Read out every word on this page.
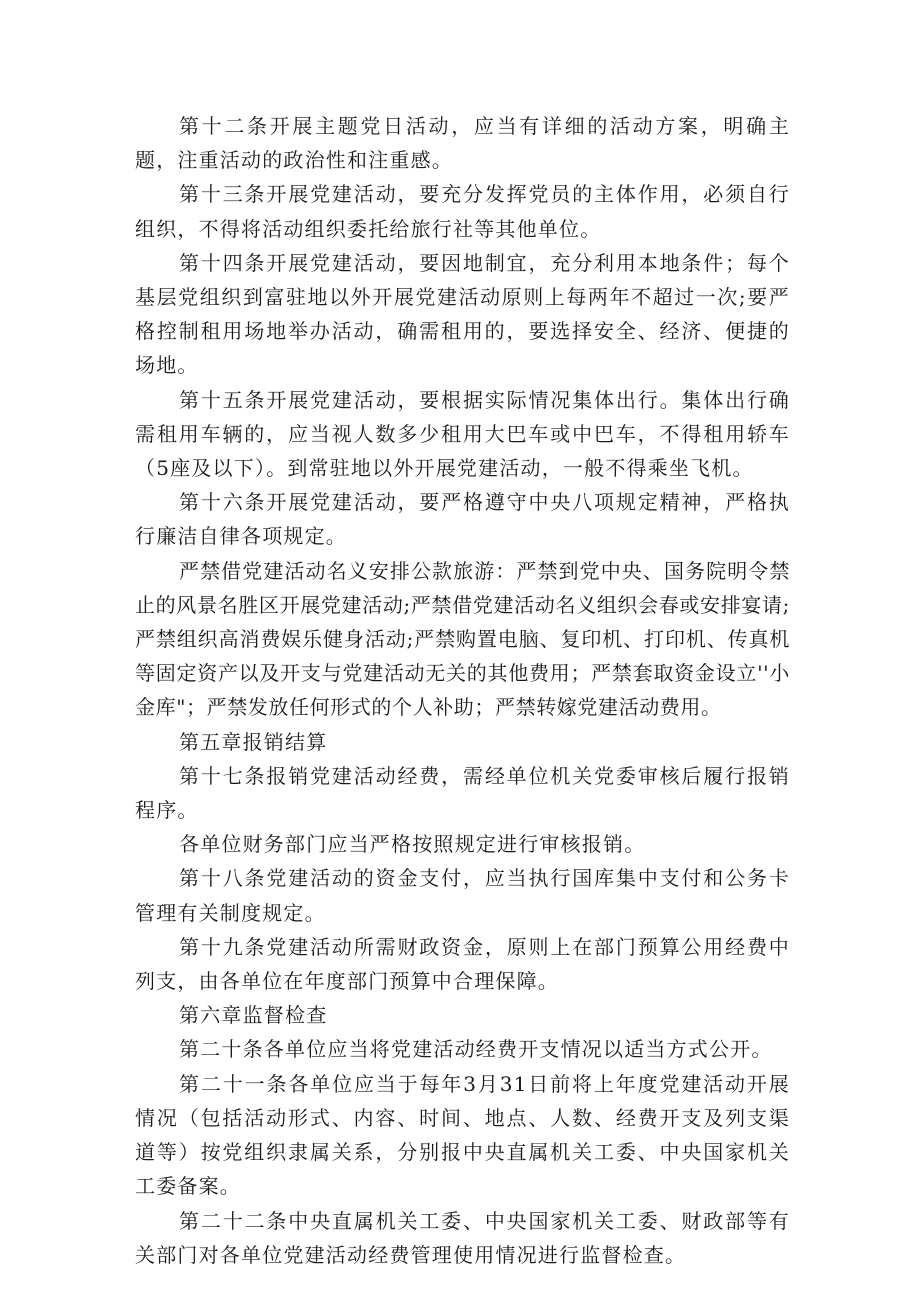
第十二条开展主题党日活动，应当有详细的活动方案，明确主题，注重活动的政治性和注重感。

第十三条开展党建活动，要充分发挥党员的主体作用，必须自行组织，不得将活动组织委托给旅行社等其他单位。

第十四条开展党建活动，要因地制宜，充分利用本地条件；每个基层党组织到富驻地以外开展党建活动原则上每两年不超过一次;要严格控制租用场地举办活动，确需租用的，要选择安全、经济、便捷的场地。

第十五条开展党建活动，要根据实际情况集体出行。集体出行确需租用车辆的，应当视人数多少租用大巴车或中巴车，不得租用轿车（5座及以下）。到常驻地以外开展党建活动，一般不得乘坐飞机。

第十六条开展党建活动，要严格遵守中央八项规定精神，严格执行廉洁自律各项规定。

严禁借党建活动名义安排公款旅游：严禁到党中央、国务院明令禁止的风景名胜区开展党建活动;严禁借党建活动名义组织会春或安排宴请;严禁组织高消费娱乐健身活动;严禁购置电脑、复印机、打印机、传真机等固定资产以及开支与党建活动无关的其他费用；严禁套取资金设立''小金库"；严禁发放任何形式的个人补助；严禁转嫁党建活动费用。

第五章报销结算

第十七条报销党建活动经费，需经单位机关党委审核后履行报销程序。

各单位财务部门应当严格按照规定进行审核报销。

第十八条党建活动的资金支付，应当执行国库集中支付和公务卡管理有关制度规定。

第十九条党建活动所需财政资金，原则上在部门预算公用经费中列支，由各单位在年度部门预算中合理保障。

第六章监督检查

第二十条各单位应当将党建活动经费开支情况以适当方式公开。

第二十一条各单位应当于每年3月31日前将上年度党建活动开展情况（包括活动形式、内容、时间、地点、人数、经费开支及列支渠道等）按党组织隶属关系，分别报中央直属机关工委、中央国家机关工委备案。

第二十二条中央直属机关工委、中央国家机关工委、财政部等有关部门对各单位党建活动经费管理使用情况进行监督检查。
